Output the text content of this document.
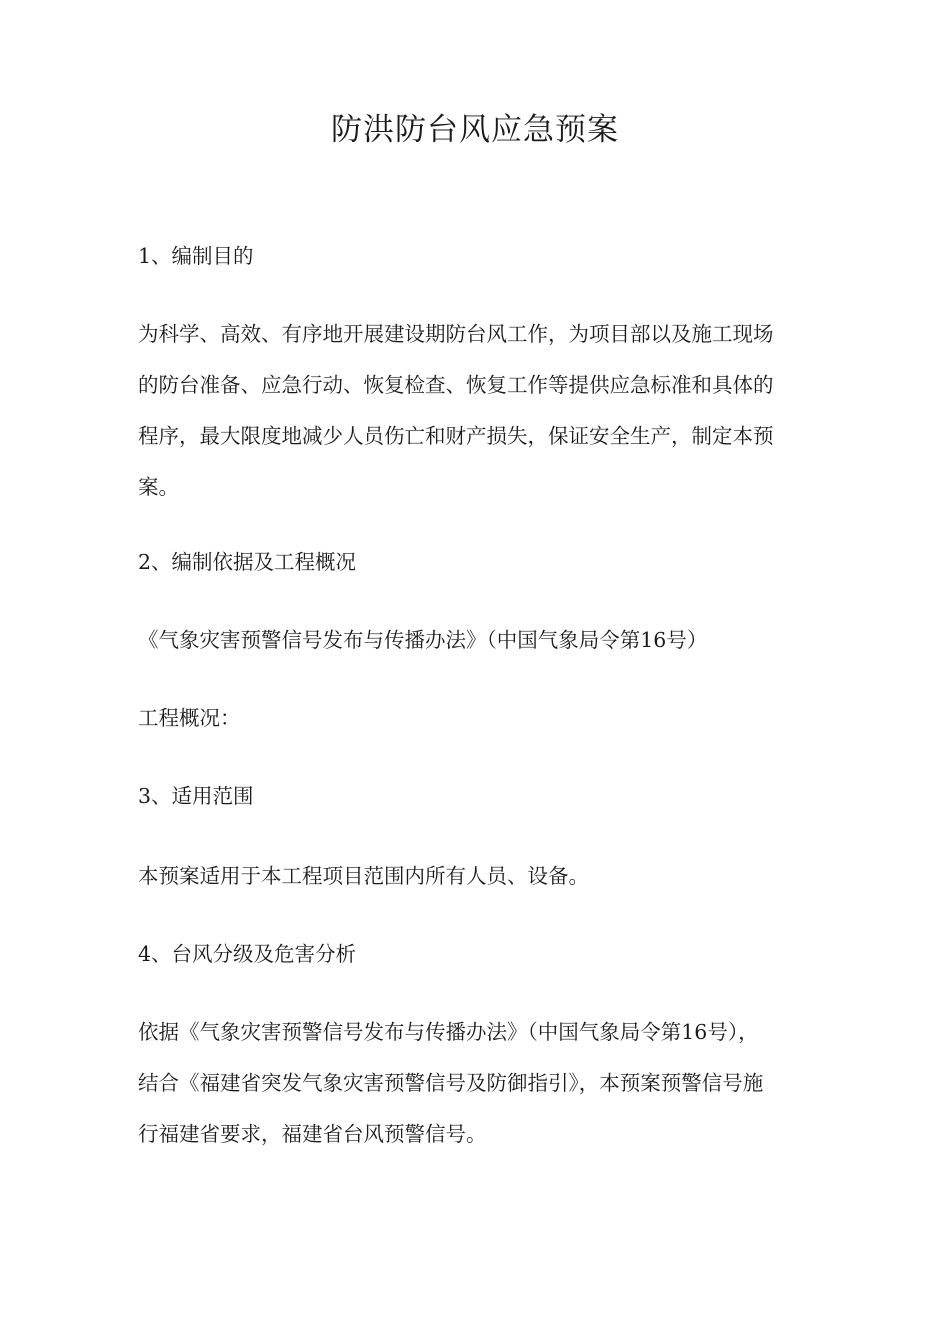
防洪防台风应急预案
1、编制目的
为科学、高效、有序地开展建设期防台风工作，为项目部以及施工现场
的防台准备、应急行动、恢复检查、恢复工作等提供应急标准和具体的
程序，最大限度地减少人员伤亡和财产损失，保证安全生产，制定本预
案。
2、编制依据及工程概况
《气象灾害预警信号发布与传播办法》（中国气象局令第16号）
工程概况：
3、适用范围
本预案适用于本工程项目范围内所有人员、设备。
4、台风分级及危害分析
依据《气象灾害预警信号发布与传播办法》（中国气象局令第16号），
结合《福建省突发气象灾害预警信号及防御指引》，本预案预警信号施
行福建省要求，福建省台风预警信号。
